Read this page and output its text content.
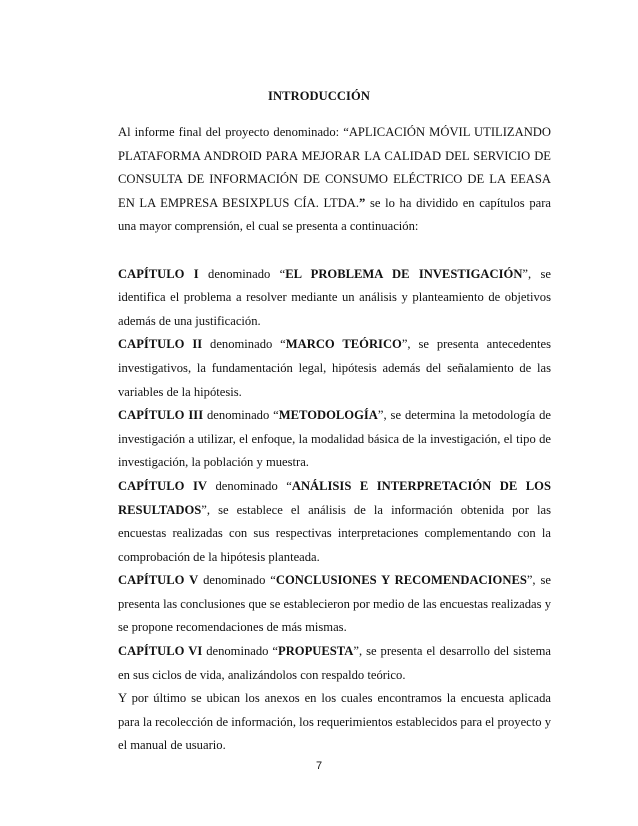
INTRODUCCIÓN

Al informe final del proyecto denominado: “APLICACIÓN MÓVIL UTILIZANDO PLATAFORMA ANDROID PARA MEJORAR LA CALIDAD DEL SERVICIO DE CONSULTA DE INFORMACIÓN DE CONSUMO ELÉCTRICO DE LA EEASA EN LA EMPRESA BESIXPLUS CÍA. LTDA.” se lo ha dividido en capítulos para una mayor comprensión, el cual se presenta a continuación:

CAPÍTULO I denominado “EL PROBLEMA DE INVESTIGACIÓN”, se identifica el problema a resolver mediante un análisis y planteamiento de objetivos además de una justificación.

CAPÍTULO II denominado “MARCO TEÓRICO”, se presenta antecedentes investigativos, la fundamentación legal, hipótesis además del señalamiento de las variables de la hipótesis.

CAPÍTULO III denominado “METODOLOGÍA”, se determina la metodología de investigación a utilizar, el enfoque, la modalidad básica de la investigación, el tipo de investigación, la población y muestra.

CAPÍTULO IV denominado “ANÁLISIS E INTERPRETACIÓN DE LOS RESULTADOS”, se establece el análisis de la información obtenida por las encuestas realizadas con sus respectivas interpretaciones complementando con la comprobación de la hipótesis planteada.

CAPÍTULO V denominado “CONCLUSIONES Y RECOMENDACIONES”, se presenta las conclusiones que se establecieron por medio de las encuestas realizadas y se propone recomendaciones de más mismas.

CAPÍTULO VI denominado “PROPUESTA”, se presenta el desarrollo del sistema en sus ciclos de vida, analizándolos con respaldo teórico.

Y por último se ubican los anexos en los cuales encontramos la encuesta aplicada para la recolección de información, los requerimientos establecidos para el proyecto y el manual de usuario.

7
